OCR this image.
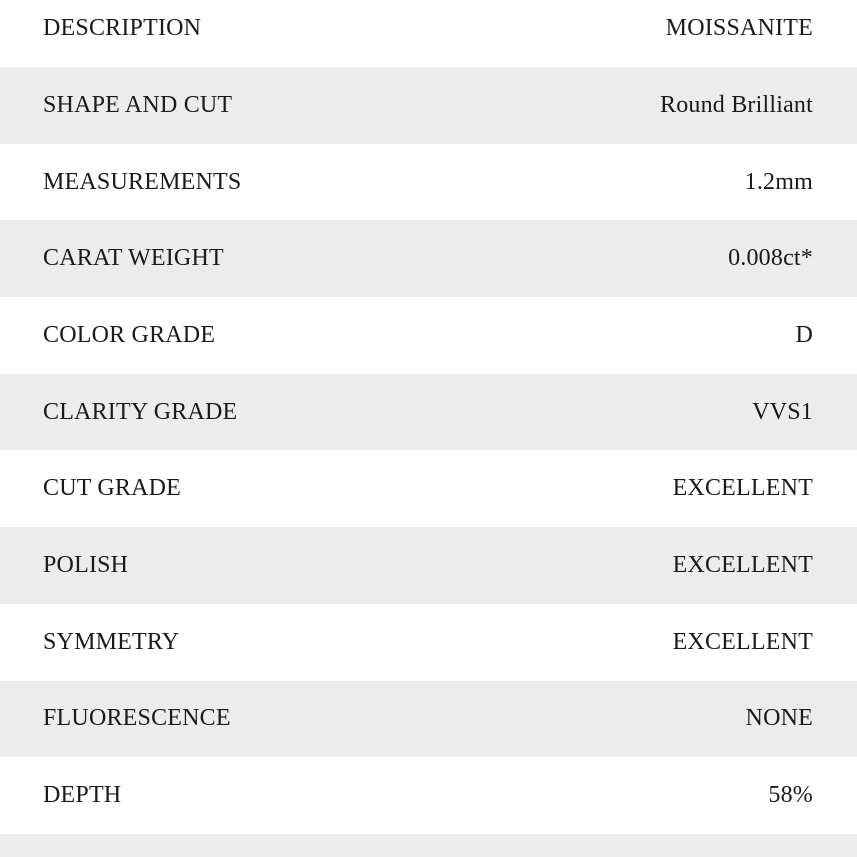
DESCRIPTION	MOISSANITE
SHAPE AND CUT	Round Brilliant
MEASUREMENTS	1.2mm
CARAT WEIGHT	0.008ct*
COLOR GRADE	D
CLARITY GRADE	VVS1
CUT GRADE	EXCELLENT
POLISH	EXCELLENT
SYMMETRY	EXCELLENT
FLUORESCENCE	NONE
DEPTH	58%
